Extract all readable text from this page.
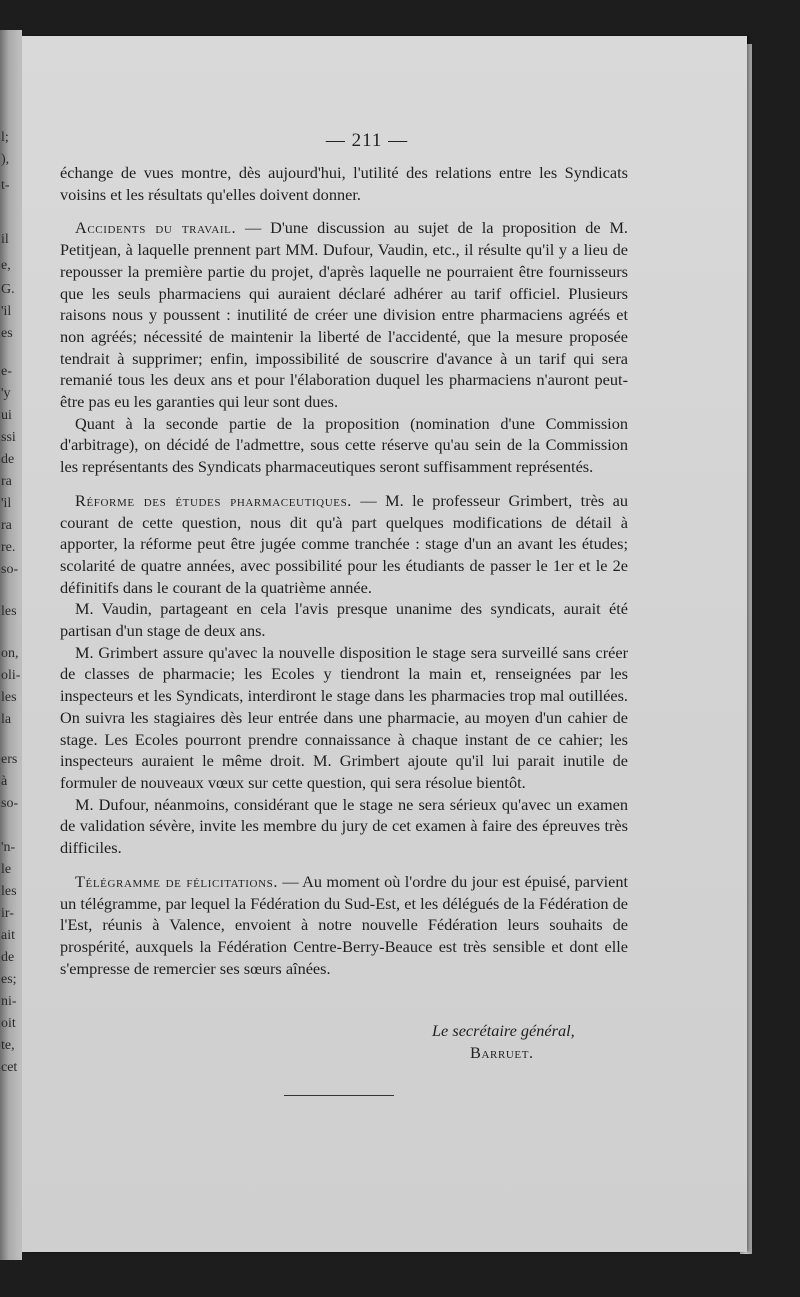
l;
),
t-
il
e,
G.
'il
es
e-
'y
ui
ssi
de
ra
'il
ra
re.
so-
les
on,
oli-
les
la
ers
à
so-
'n-
le
les
ir-
ait
de
es;
ni-
oit
te,
cet
— 211 —

échange de vues montre, dès aujourd'hui, l'utilité des relations entre les Syndicats voisins et les résultats qu'elles doivent donner.

Accidents du travail. — D'une discussion au sujet de la proposition de M. Petitjean, à laquelle prennent part MM. Dufour, Vaudin, etc., il résulte qu'il y a lieu de repousser la première partie du projet, d'après laquelle ne pourraient être fournisseurs que les seuls pharmaciens qui auraient déclaré adhérer au tarif officiel. Plusieurs raisons nous y poussent : inutilité de créer une division entre pharmaciens agréés et non agréés; nécessité de maintenir la liberté de l'accidenté, que la mesure proposée tendrait à supprimer; enfin, impossibilité de souscrire d'avance à un tarif qui sera remanié tous les deux ans et pour l'élaboration duquel les pharmaciens n'auront peut-être pas eu les garanties qui leur sont dues.

Quant à la seconde partie de la proposition (nomination d'une Commission d'arbitrage), on décidé de l'admettre, sous cette réserve qu'au sein de la Commission les représentants des Syndicats pharmaceutiques seront suffisamment représentés.

Réforme des études pharmaceutiques. — M. le professeur Grimbert, très au courant de cette question, nous dit qu'à part quelques modifications de détail à apporter, la réforme peut être jugée comme tranchée : stage d'un an avant les études; scolarité de quatre années, avec possibilité pour les étudiants de passer le 1er et le 2e définitifs dans le courant de la quatrième année.

M. Vaudin, partageant en cela l'avis presque unanime des syndicats, aurait été partisan d'un stage de deux ans.

M. Grimbert assure qu'avec la nouvelle disposition le stage sera surveillé sans créer de classes de pharmacie; les Ecoles y tiendront la main et, renseignées par les inspecteurs et les Syndicats, interdiront le stage dans les pharmacies trop mal outillées. On suivra les stagiaires dès leur entrée dans une pharmacie, au moyen d'un cahier de stage. Les Ecoles pourront prendre connaissance à chaque instant de ce cahier; les inspecteurs auraient le même droit. M. Grimbert ajoute qu'il lui parait inutile de formuler de nouveaux vœux sur cette question, qui sera résolue bientôt.

M. Dufour, néanmoins, considérant que le stage ne sera sérieux qu'avec un examen de validation sévère, invite les membre du jury de cet examen à faire des épreuves très difficiles.

Télégramme de félicitations. — Au moment où l'ordre du jour est épuisé, parvient un télégramme, par lequel la Fédération du Sud-Est, et les délégués de la Fédération de l'Est, réunis à Valence, envoient à notre nouvelle Fédération leurs souhaits de prospérité, auxquels la Fédération Centre-Berry-Beauce est très sensible et dont elle s'empresse de remercier ses sœurs aînées.

Le secrétaire général,
Barruet.
